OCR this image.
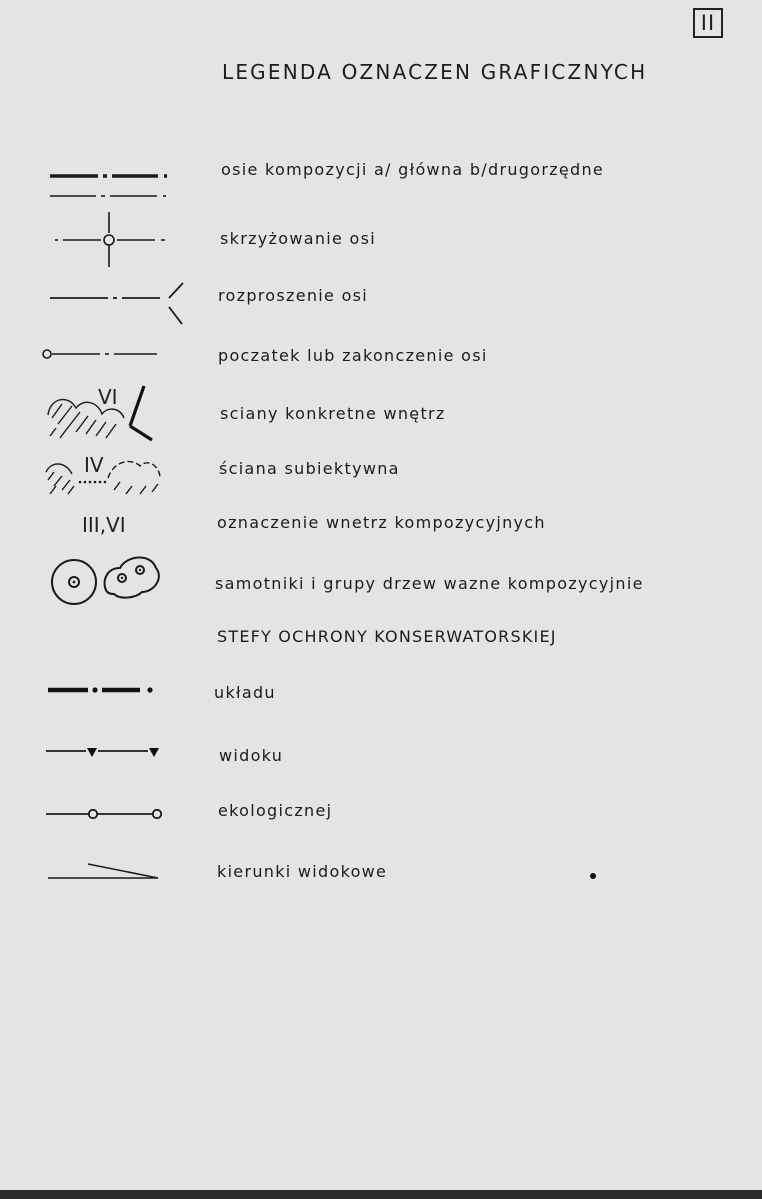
II
LEGENDA OZNACZEN GRAFICZNYCH
osie kompozycji a/ główna b/drugorzędne
skrzyżowanie osi
rozproszenie osi
poczatek lub zakonczenie osi
VI
sciany konkretne wnętrz
IV	ściana subiektywna
III,VI	oznaczenie wnetrz kompozycyjnych
samotniki i grupy drzew wazne kompozycyjnie
STEFY OCHRONY KONSERWATORSKIEJ
układu
widoku
ekologicznej
kierunki widokowe
